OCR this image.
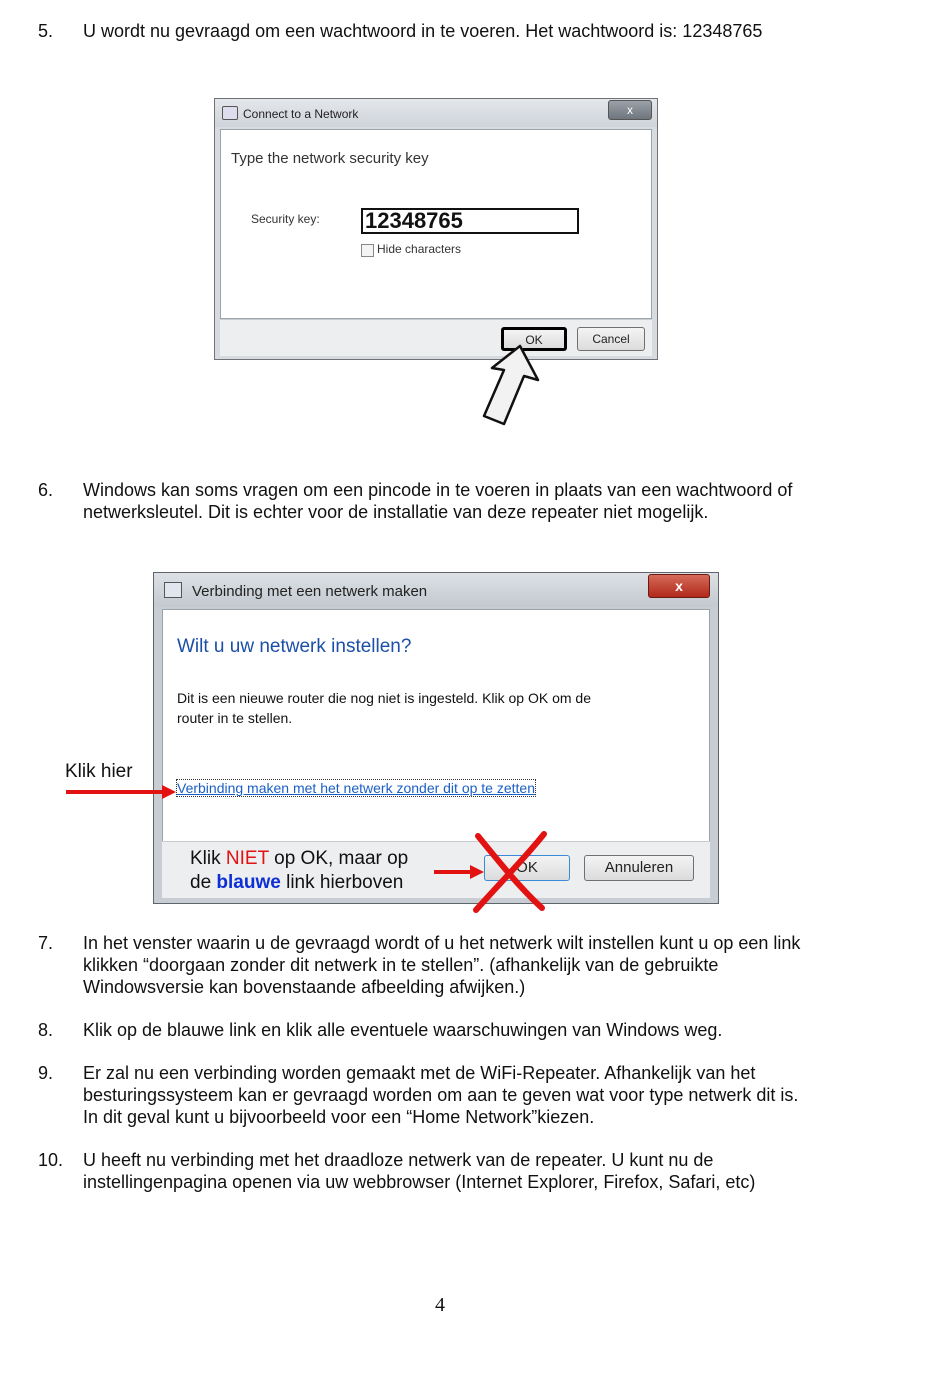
5. U wordt nu gevraagd om een wachtwoord in te voeren. Het wachtwoord is: 12348765
Connect to a Network	x
Type the network security key
Security key: 12348765
Hide characters
OK	Cancel
6. Windows kan soms vragen om een pincode in te voeren in plaats van een wachtwoord of
netwerksleutel. Dit is echter voor de installatie van deze repeater niet mogelijk.
Verbinding met een netwerk maken	x
Wilt u uw netwerk instellen?
Dit is een nieuwe router die nog niet is ingesteld. Klik op OK om de
router in te stellen.
Verbinding maken met het netwerk zonder dit op te zetten
OK	Annuleren
Klik hier
Klik NIET op OK, maar op
de blauwe link hierboven
7. In het venster waarin u de gevraagd wordt of u het netwerk wilt instellen kunt u op een link
klikken “doorgaan zonder dit netwerk in te stellen”. (afhankelijk van de gebruikte
Windowsversie kan bovenstaande afbeelding afwijken.)
8. Klik op de blauwe link en klik alle eventuele waarschuwingen van Windows weg.
9. Er zal nu een verbinding worden gemaakt met de WiFi-Repeater. Afhankelijk van het
besturingssysteem kan er gevraagd worden om aan te geven wat voor type netwerk dit is.
In dit geval kunt u bijvoorbeeld voor een “Home Network”kiezen.
10. U heeft nu verbinding met het draadloze netwerk van de repeater. U kunt nu de
instellingenpagina openen via uw webbrowser (Internet Explorer, Firefox, Safari, etc)
4
